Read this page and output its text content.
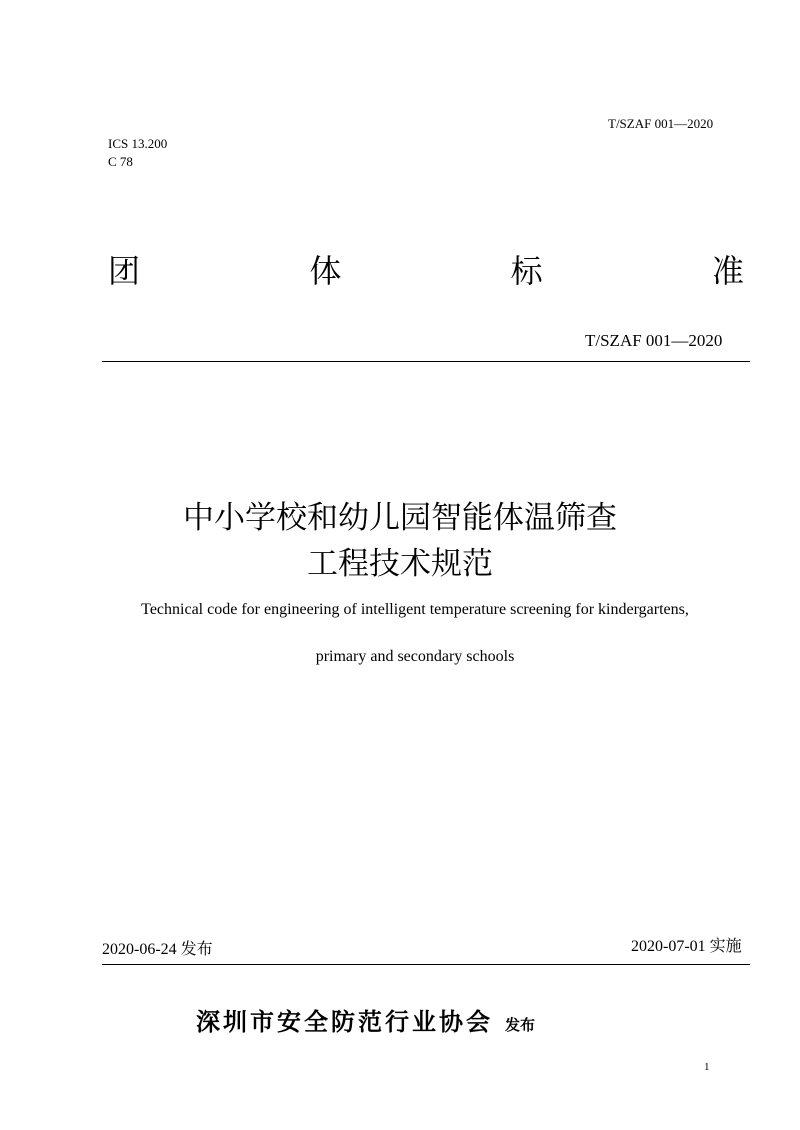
T/SZAF 001—2020
ICS 13.200
C 78
团	体	标	准
T/SZAF 001—2020
中小学校和幼儿园智能体温筛查
工程技术规范
Technical code for engineering of intelligent temperature screening for kindergartens,
primary and secondary schools
2020-06-24 发布	2020-07-01 实施
深圳市安全防范行业协会 发布
1
